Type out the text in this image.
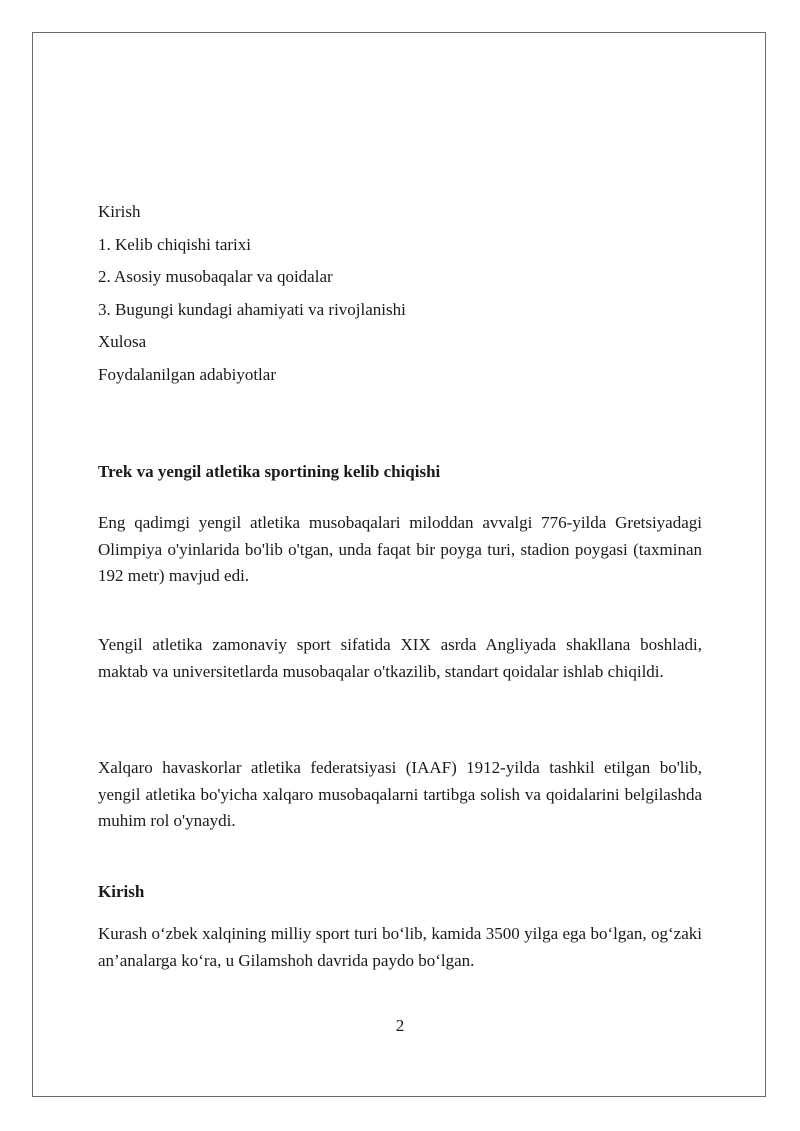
Kirish
1. Kelib chiqishi tarixi
2. Asosiy musobaqalar va qoidalar
3. Bugungi kundagi ahamiyati va rivojlanishi
Xulosa
Foydalanilgan adabiyotlar
Trek va yengil atletika sportining kelib chiqishi

Eng qadimgi yengil atletika musobaqalari miloddan avvalgi 776-yilda Gretsiyadagi Olimpiya o'yinlarida bo'lib o'tgan, unda faqat bir poyga turi, stadion poygasi (taxminan 192 metr) mavjud edi.

Yengil atletika zamonaviy sport sifatida XIX asrda Angliyada shakllana boshladi, maktab va universitetlarda musobaqalar o'tkazilib, standart qoidalar ishlab chiqildi.

Xalqaro havaskorlar atletika federatsiyasi (IAAF) 1912-yilda tashkil etilgan bo'lib, yengil atletika bo'yicha xalqaro musobaqalarni tartibga solish va qoidalarini belgilashda muhim rol o'ynaydi.

Kirish

Kurash o‘zbek xalqining milliy sport turi bo‘lib, kamida 3500 yilga ega bo‘lgan, og‘zaki an’analarga ko‘ra, u Gilamshoh davrida paydo bo‘lgan.

2
